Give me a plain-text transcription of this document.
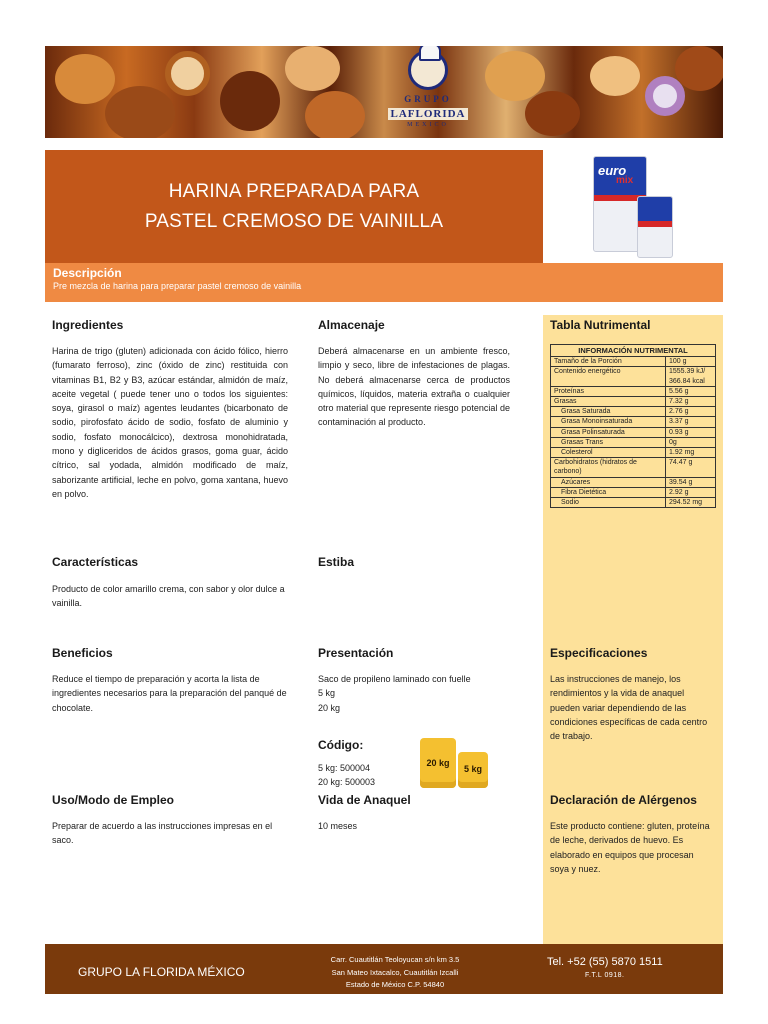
GRUPO
LAFLORIDA
MEXICO
HARINA PREPARADA PARA
PASTEL CREMOSO DE VAINILLA
euro
mix
Descripción
Pre mezcla de harina para preparar pastel cremoso de vainilla
Ingredientes
Harina de trigo (gluten) adicionada con ácido fólico, hierro (fumarato ferroso), zinc (óxido de zinc) restituida con vitaminas B1, B2 y B3, azúcar estándar, almidón de maíz, aceite vegetal ( puede tener uno o todos los siguientes: soya, girasol o maíz) agentes leudantes (bicarbonato de sodio, pirofosfato ácido de sodio, fosfato de aluminio y sodio, fosfato monocálcico), dextrosa monohidratada, mono y digliceridos de ácidos grasos, goma guar, ácido cítrico, sal yodada, almidón modificado de maíz, saborizante artificial, leche en polvo, goma xantana, huevo en polvo.
Almacenaje
Deberá almacenarse en un ambiente fresco, limpio y seco, libre de infestaciones de plagas. No deberá almacenarse cerca de productos químicos, líquidos, materia extraña o cualquier otro material que represente riesgo potencial de contaminación al producto.
Tabla Nutrimental
INFORMACIÓN NUTRIMENTAL	
Tamaño de la Porción	100 g
Contenido energético	1555.39 kJ/ 366.84 kcal
Proteínas	5.56 g
Grasas	7.32 g
Grasa Saturada	2.76 g
Grasa Monoinsaturada	3.37 g
Grasa Polinsaturada	0.93 g
Grasas Trans	0g
Colesterol	1.92 mg
Carbohidratos (hidratos de carbono)	74.47 g
Azúcares	39.54 g
Fibra Dietética	2.92 g
Sodio	294.52 mg
Características
Producto de color amarillo crema, con sabor y olor dulce a vainilla.
Estiba
Beneficios
Reduce el tiempo de preparación y acorta la lista de ingredientes necesarios para la preparación del panqué de chocolate.
Presentación
Saco de propileno laminado con fuelle
5 kg
20 kg
Código:
5 kg: 500004
20 kg: 500003
20 kg
5 kg
Especificaciones
Las instrucciones de manejo, los rendimientos y la vida de anaquel pueden variar dependiendo de las condiciones específicas de cada centro de trabajo.
Uso/Modo de Empleo
Preparar de acuerdo a las instrucciones impresas en el saco.
Vida de Anaquel
10 meses
Declaración de Alérgenos
Este producto contiene: gluten, proteína de leche, derivados de huevo. Es elaborado en equipos que procesan soya y nuez.
GRUPO LA FLORIDA MÉXICO
Carr. Cuautitlán Teoloyucan s/n km 3.5
San Mateo Ixtacalco, Cuautitlán Izcalli
Estado de México C.P. 54840
Tel. +52 (55) 5870 1511
F.T.L 0918.
